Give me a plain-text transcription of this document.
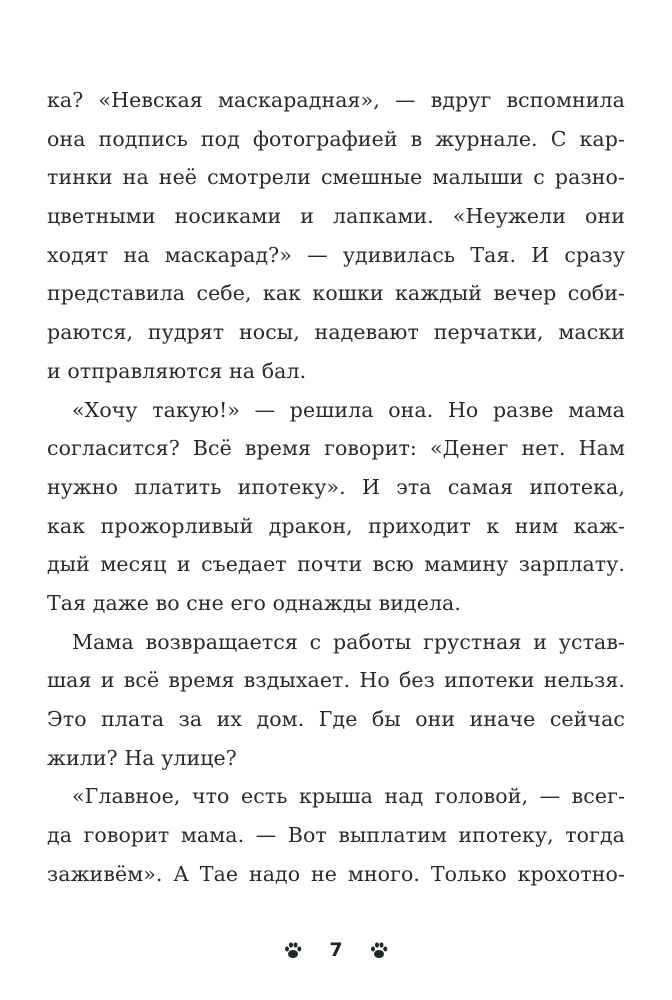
ка? «Невская маскарадная», — вдруг вспомнила
она подпись под фотографией в журнале. С кар-
тинки на неё смотрели смешные малыши с разно-
цветными носиками и лапками. «Неужели они
ходят на маскарад?» — удивилась Тая. И сразу
представила себе, как кошки каждый вечер соби-
раются, пудрят носы, надевают перчатки, маски
и отправляются на бал.
«Хочу такую!» — решила она. Но разве мама
согласится? Всё время говорит: «Денег нет. Нам
нужно платить ипотеку». И эта самая ипотека,
как прожорливый дракон, приходит к ним каж-
дый месяц и съедает почти всю мамину зарплату.
Тая даже во сне его однажды видела.
Мама возвращается с работы грустная и устав-
шая и всё время вздыхает. Но без ипотеки нельзя.
Это плата за их дом. Где бы они иначе сейчас
жили? На улице?
«Главное, что есть крыша над головой, — всег-
да говорит мама. — Вот выплатим ипотеку, тогда
заживём». А Тае надо не много. Только крохотно-
7
